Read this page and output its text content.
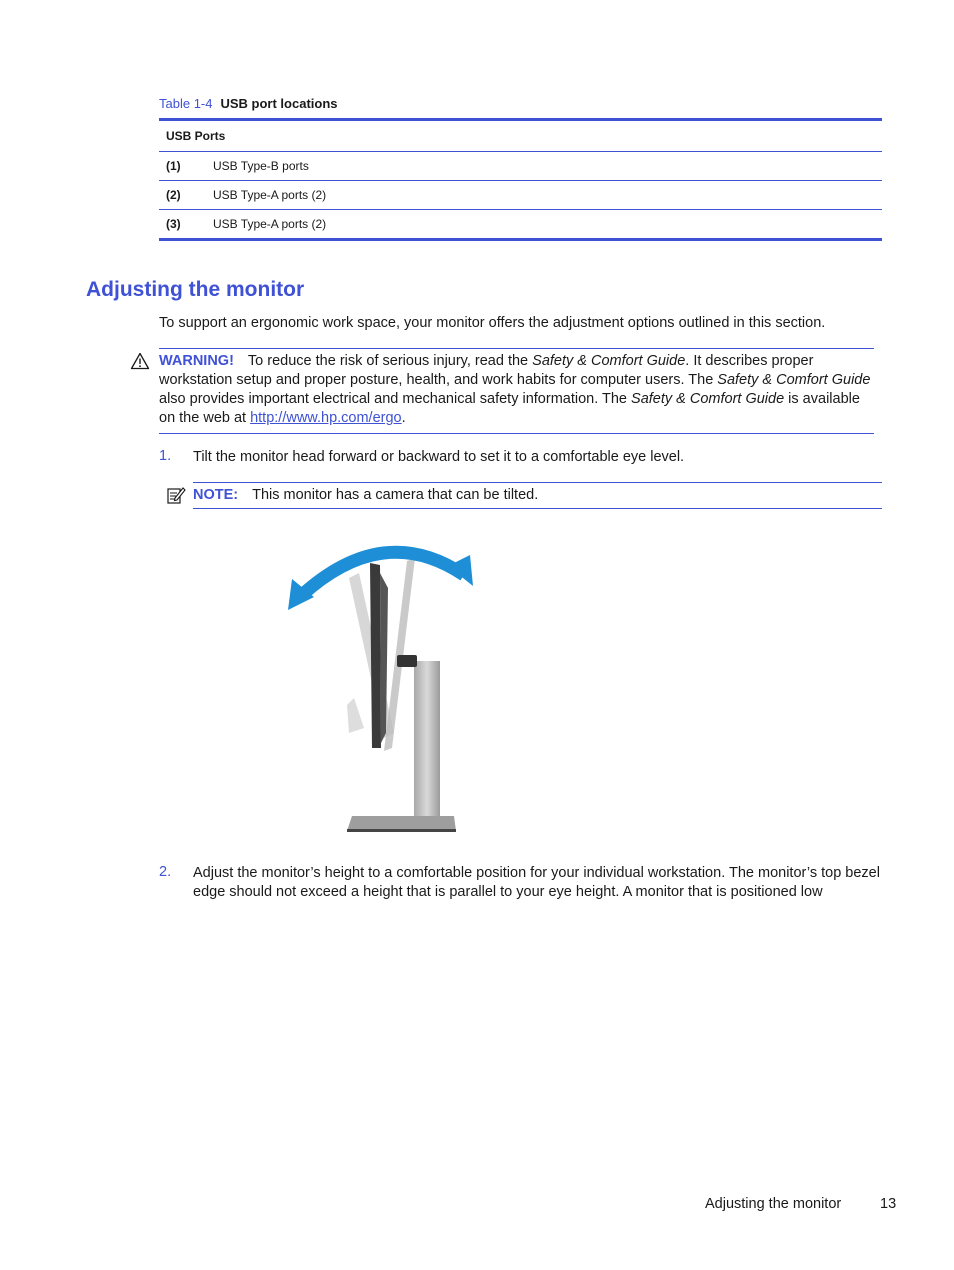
Table 1-4 USB port locations
USB Ports
(1)	USB Type-B ports
(2)	USB Type-A ports (2)
(3)	USB Type-A ports (2)
Adjusting the monitor
To support an ergonomic work space, your monitor offers the adjustment options outlined in this section.
WARNING! To reduce the risk of serious injury, read the Safety & Comfort Guide. It describes proper workstation setup and proper posture, health, and work habits for computer users. The Safety & Comfort Guide also provides important electrical and mechanical safety information. The Safety & Comfort Guide is available on the web at http://www.hp.com/ergo.
1. Tilt the monitor head forward or backward to set it to a comfortable eye level.
NOTE: This monitor has a camera that can be tilted.
2. Adjust the monitor’s height to a comfortable position for your individual workstation. The monitor’s top bezel edge should not exceed a height that is parallel to your eye height. A monitor that is positioned low
Adjusting the monitor	13
